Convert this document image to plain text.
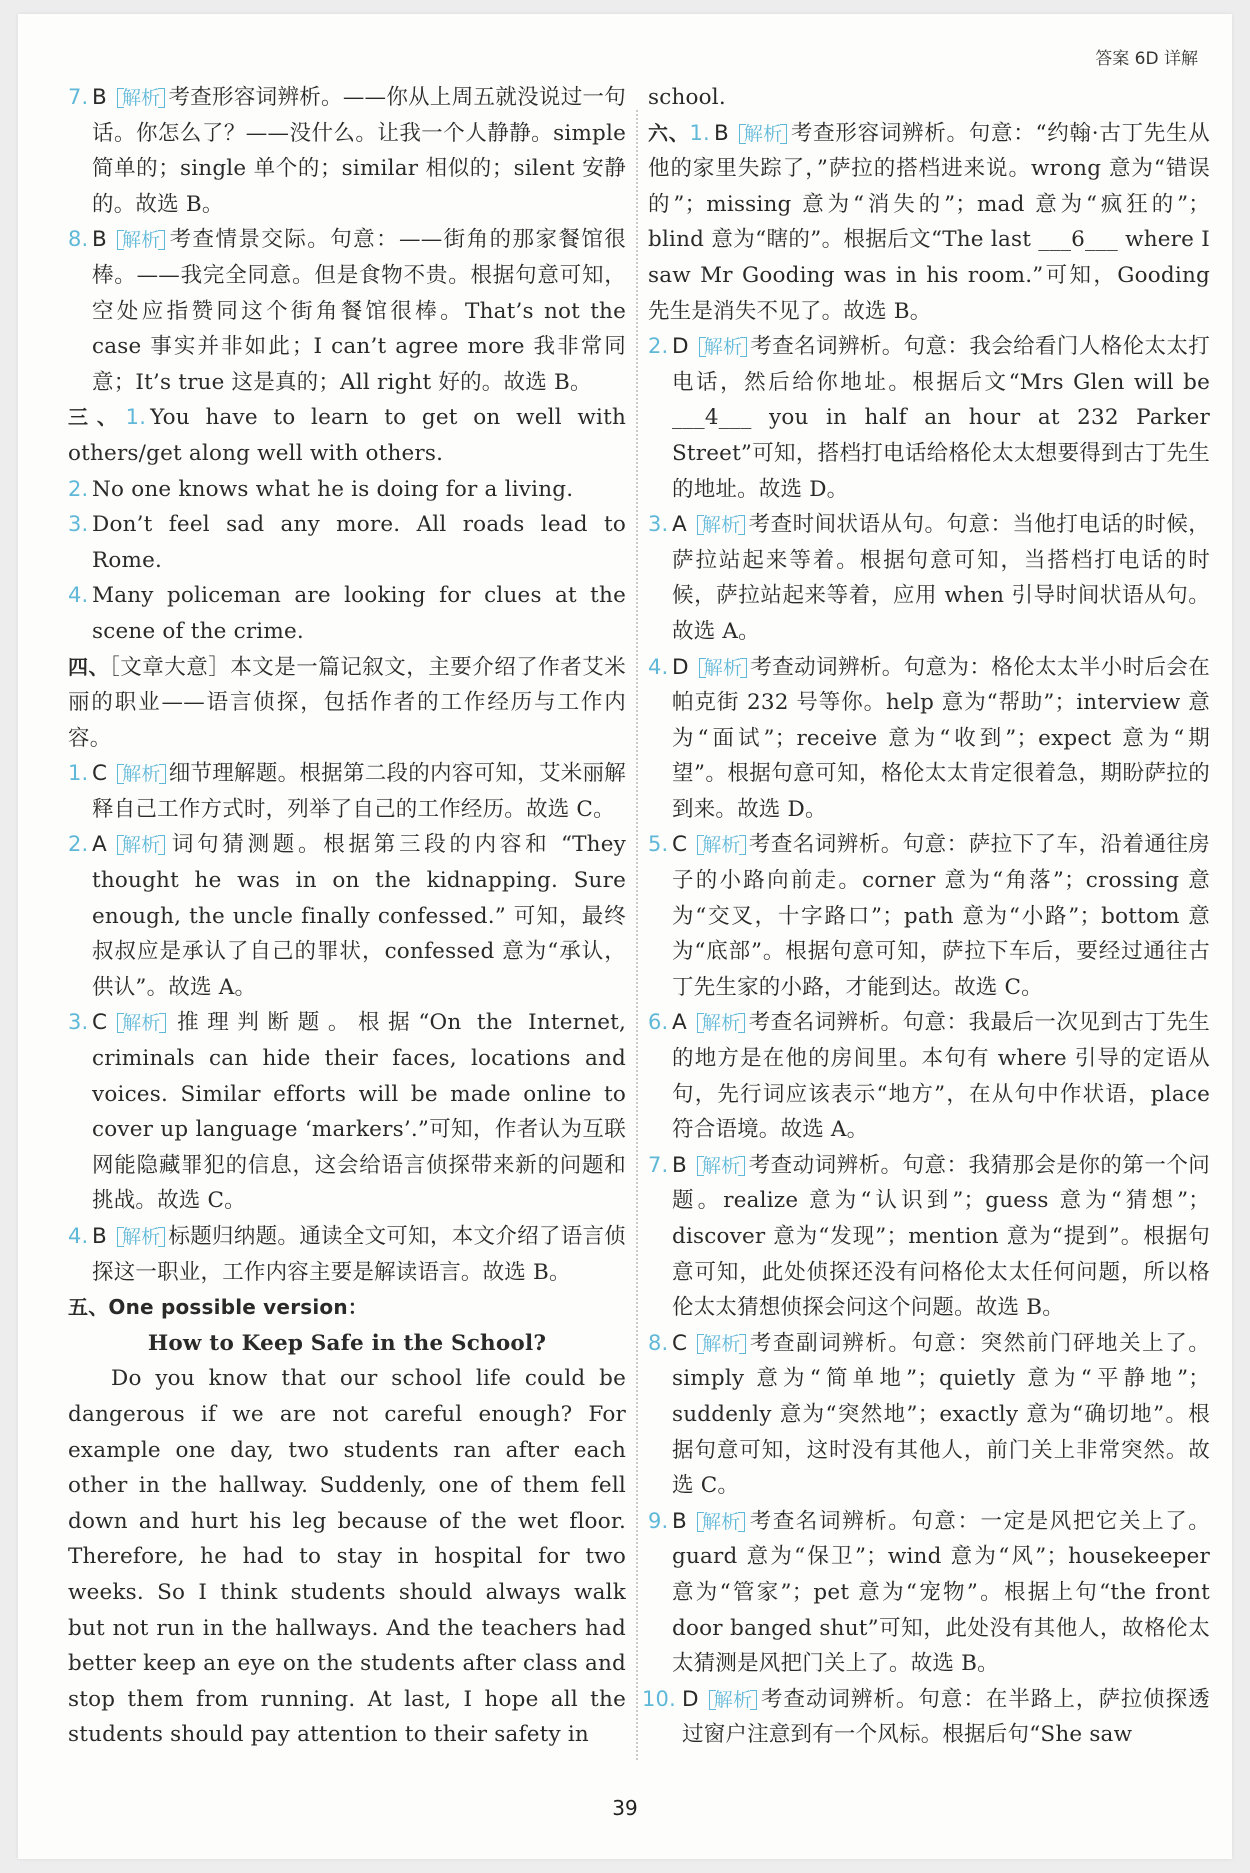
答案 6D 详解
7. B 解析 考查形容词辨析。——你从上周五就没说过一句话。你怎么了？——没什么。让我一个人静静。simple 简单的；single 单个的；similar 相似的；silent 安静的。故选 B。
8. B 解析 考查情景交际。句意：——街角的那家餐馆很棒。——我完全同意。但是食物不贵。根据句意可知，空处应指赞同这个街角餐馆很棒。That’s not the case 事实并非如此；I can’t agree more 我非常同意；It’s true 这是真的；All right 好的。故选 B。
三、1. You have to learn to get on well with others/get along well with others.
2. No one knows what he is doing for a living.
3. Don’t feel sad any more. All roads lead to Rome.
4. Many policeman are looking for clues at the scene of the crime.
四、［文章大意］本文是一篇记叙文，主要介绍了作者艾米丽的职业——语言侦探，包括作者的工作经历与工作内容。
1. C 解析 细节理解题。根据第二段的内容可知，艾米丽解释自己工作方式时，列举了自己的工作经历。故选 C。
2. A 解析 词句猜测题。根据第三段的内容和 “They thought he was in on the kidnapping. Sure enough, the uncle finally confessed.” 可知，最终叔叔应是承认了自己的罪状，confessed 意为“承认，供认”。故选 A。
3. C 解析 推理判断题。根据“On the Internet, criminals can hide their faces, locations and voices. Similar efforts will be made online to cover up language ‘markers’.”可知，作者认为互联网能隐藏罪犯的信息，这会给语言侦探带来新的问题和挑战。故选 C。
4. B 解析 标题归纳题。通读全文可知，本文介绍了语言侦探这一职业，工作内容主要是解读语言。故选 B。
五、One possible version：
How to Keep Safe in the School?
Do you know that our school life could be dangerous if we are not careful enough? For example one day, two students ran after each other in the hallway. Suddenly, one of them fell down and hurt his leg because of the wet floor. Therefore, he had to stay in hospital for two weeks. So I think students should always walk but not run in the hallways. And the teachers had better keep an eye on the students after class and stop them from running. At last, I hope all the students should pay attention to their safety in
school.
六、1. B 解析 考查形容词辨析。句意：“约翰·古丁先生从他的家里失踪了，”萨拉的搭档进来说。wrong 意为“错误的”；missing 意为“消失的”；mad 意为“疯狂的”；blind 意为“瞎的”。根据后文“The last ___6___ where I saw Mr Gooding was in his room.”可知，Gooding 先生是消失不见了。故选 B。
2. D 解析 考查名词辨析。句意：我会给看门人格伦太太打电话，然后给你地址。根据后文“Mrs Glen will be ___4___ you in half an hour at 232 Parker Street”可知，搭档打电话给格伦太太想要得到古丁先生的地址。故选 D。
3. A 解析 考查时间状语从句。句意：当他打电话的时候，萨拉站起来等着。根据句意可知，当搭档打电话的时候，萨拉站起来等着，应用 when 引导时间状语从句。故选 A。
4. D 解析 考查动词辨析。句意为：格伦太太半小时后会在帕克街 232 号等你。help 意为“帮助”；interview 意为“面试”；receive 意为“收到”；expect 意为“期望”。根据句意可知，格伦太太肯定很着急，期盼萨拉的到来。故选 D。
5. C 解析 考查名词辨析。句意：萨拉下了车，沿着通往房子的小路向前走。corner 意为“角落”；crossing 意为“交叉，十字路口”；path 意为“小路”；bottom 意为“底部”。根据句意可知，萨拉下车后，要经过通往古丁先生家的小路，才能到达。故选 C。
6. A 解析 考查名词辨析。句意：我最后一次见到古丁先生的地方是在他的房间里。本句有 where 引导的定语从句，先行词应该表示“地方”，在从句中作状语，place 符合语境。故选 A。
7. B 解析 考查动词辨析。句意：我猜那会是你的第一个问题。realize 意为“认识到”；guess 意为“猜想”；discover 意为“发现”；mention 意为“提到”。根据句意可知，此处侦探还没有问格伦太太任何问题，所以格伦太太猜想侦探会问这个问题。故选 B。
8. C 解析 考查副词辨析。句意：突然前门砰地关上了。simply 意为“简单地”；quietly 意为“平静地”；suddenly 意为“突然地”；exactly 意为“确切地”。根据句意可知，这时没有其他人，前门关上非常突然。故选 C。
9. B 解析 考查名词辨析。句意：一定是风把它关上了。guard 意为“保卫”；wind 意为“风”；housekeeper 意为“管家”；pet 意为“宠物”。根据上句“the front door banged shut”可知，此处没有其他人，故格伦太太猜测是风把门关上了。故选 B。
10. D 解析 考查动词辨析。句意：在半路上，萨拉侦探透过窗户注意到有一个风标。根据后句“She saw
39
